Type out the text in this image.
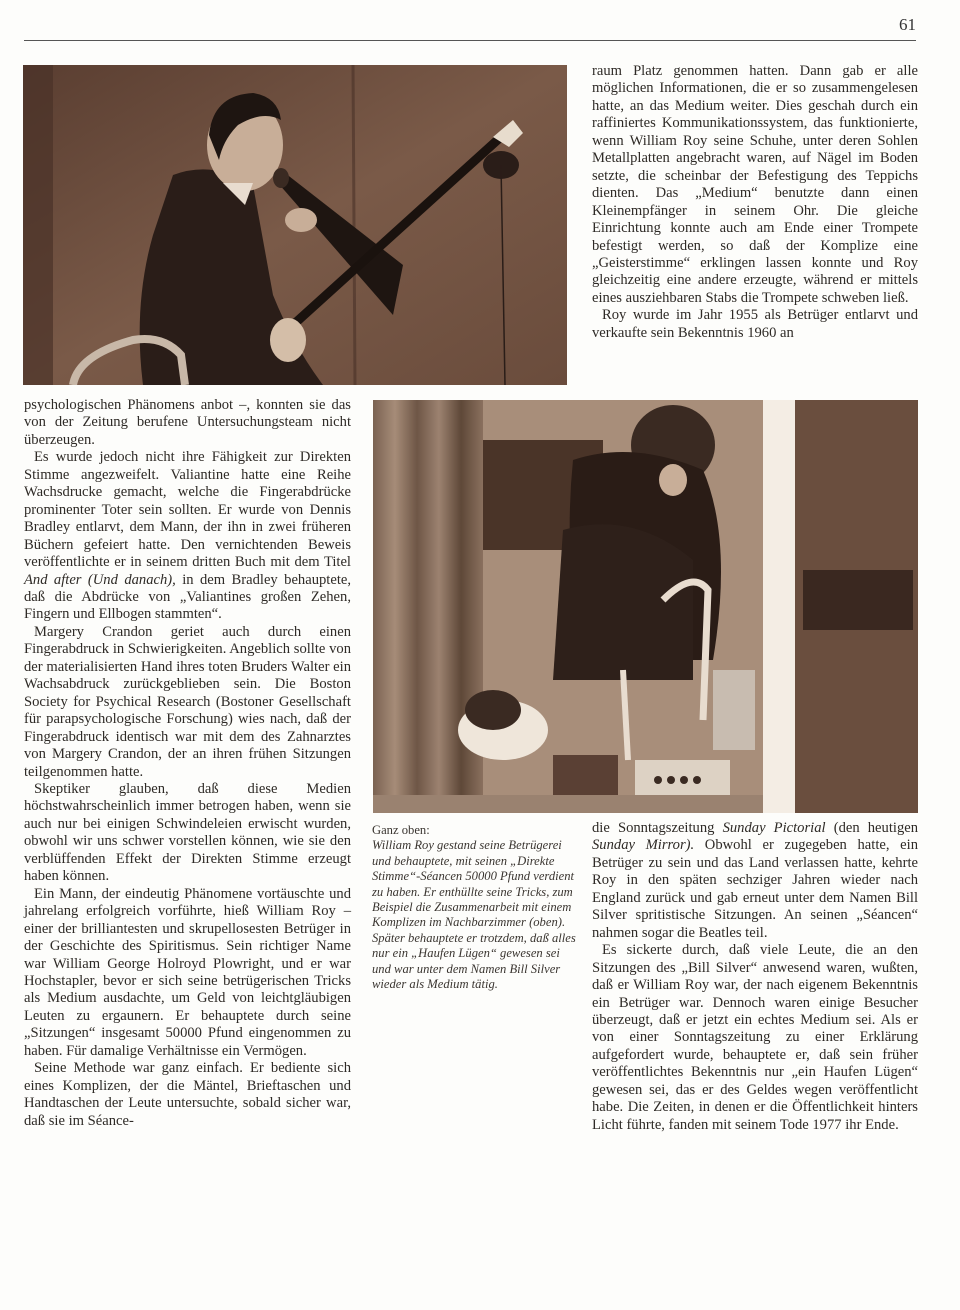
61

raum Platz genommen hatten. Dann gab er alle möglichen Informationen, die er so zusammengelesen hatte, an das Medium weiter. Dies geschah durch ein raffiniertes Kommunikationssystem, das funktionierte, wenn William Roy seine Schuhe, unter deren Sohlen Metallplatten angebracht waren, auf Nägel im Boden setzte, die scheinbar der Befestigung des Teppichs dienten. Das „Medium“ benutzte dann einen Kleinempfänger in seinem Ohr. Die gleiche Einrichtung konnte auch am Ende einer Trompete befestigt werden, so daß der Komplize eine „Geisterstimme“ erklingen lassen konnte und Roy gleichzeitig eine andere erzeugte, während er mittels eines ausziehbaren Stabs die Trompete schweben ließ.

Roy wurde im Jahr 1955 als Betrüger entlarvt und verkaufte sein Bekenntnis 1960 an

psychologischen Phänomens anbot –, konnten sie das von der Zeitung berufene Untersuchungsteam nicht überzeugen.

Es wurde jedoch nicht ihre Fähigkeit zur Direkten Stimme angezweifelt. Valiantine hatte eine Reihe Wachsdrucke gemacht, welche die Fingerabdrücke prominenter Toter sein sollten. Er wurde von Dennis Bradley entlarvt, dem Mann, der ihn in zwei früheren Büchern gefeiert hatte. Den vernichtenden Beweis veröffentlichte er in seinem dritten Buch mit dem Titel And after (Und danach), in dem Bradley behauptete, daß die Abdrücke von „Valiantines großen Zehen, Fingern und Ellbogen stammten“.

Margery Crandon geriet auch durch einen Fingerabdruck in Schwierigkeiten. Angeblich sollte von der materialisierten Hand ihres toten Bruders Walter ein Wachsabdruck zurückgeblieben sein. Die Boston Society for Psychical Research (Bostoner Gesellschaft für parapsychologische Forschung) wies nach, daß der Fingerabdruck identisch war mit dem des Zahnarztes von Margery Crandon, der an ihren frühen Sitzungen teilgenommen hatte.

Skeptiker glauben, daß diese Medien höchstwahrscheinlich immer betrogen haben, wenn sie auch nur bei einigen Schwindeleien erwischt wurden, obwohl wir uns schwer vorstellen können, wie sie den verblüffenden Effekt der Direkten Stimme erzeugt haben können.

Ein Mann, der eindeutig Phänomene vortäuschte und jahrelang erfolgreich vorführte, hieß William Roy – einer der brilliantesten und skrupellosesten Betrüger in der Geschichte des Spiritismus. Sein richtiger Name war William George Holroyd Plowright, und er war Hochstapler, bevor er sich seine betrügerischen Tricks als Medium ausdachte, um Geld von leichtgläubigen Leuten zu ergaunern. Er behauptete durch seine „Sitzungen“ insgesamt 50000 Pfund eingenommen zu haben. Für damalige Verhältnisse ein Vermögen.

Seine Methode war ganz einfach. Er bediente sich eines Komplizen, der die Mäntel, Brieftaschen und Handtaschen der Leute untersuchte, sobald sicher war, daß sie im Séance-

Ganz oben:
William Roy gestand seine Betrügerei und behauptete, mit seinen „Direkte Stimme“-Séancen 50000 Pfund verdient zu haben. Er enthüllte seine Tricks, zum Beispiel die Zusammenarbeit mit einem Komplizen im Nachbarzimmer (oben). Später behauptete er trotzdem, daß alles nur ein „Haufen Lügen“ gewesen sei und war unter dem Namen Bill Silver wieder als Medium tätig.

die Sonntagszeitung Sunday Pictorial (den heutigen Sunday Mirror). Obwohl er zugegeben hatte, ein Betrüger zu sein und das Land verlassen hatte, kehrte Roy in den späten sechziger Jahren wieder nach England zurück und gab erneut unter dem Namen Bill Silver spritistische Sitzungen. An seinen „Séancen“ nahmen sogar die Beatles teil.

Es sickerte durch, daß viele Leute, die an den Sitzungen des „Bill Silver“ anwesend waren, wußten, daß er William Roy war, der nach eigenem Bekenntnis ein Betrüger war. Dennoch waren einige Besucher überzeugt, daß er jetzt ein echtes Medium sei. Als er von einer Sonntagszeitung zu einer Erklärung aufgefordert wurde, behauptete er, daß sein früher veröffentlichtes Bekenntnis nur „ein Haufen Lügen“ gewesen sei, das er des Geldes wegen veröffentlicht habe. Die Zeiten, in denen er die Öffentlichkeit hinters Licht führte, fanden mit seinem Tode 1977 ihr Ende.
